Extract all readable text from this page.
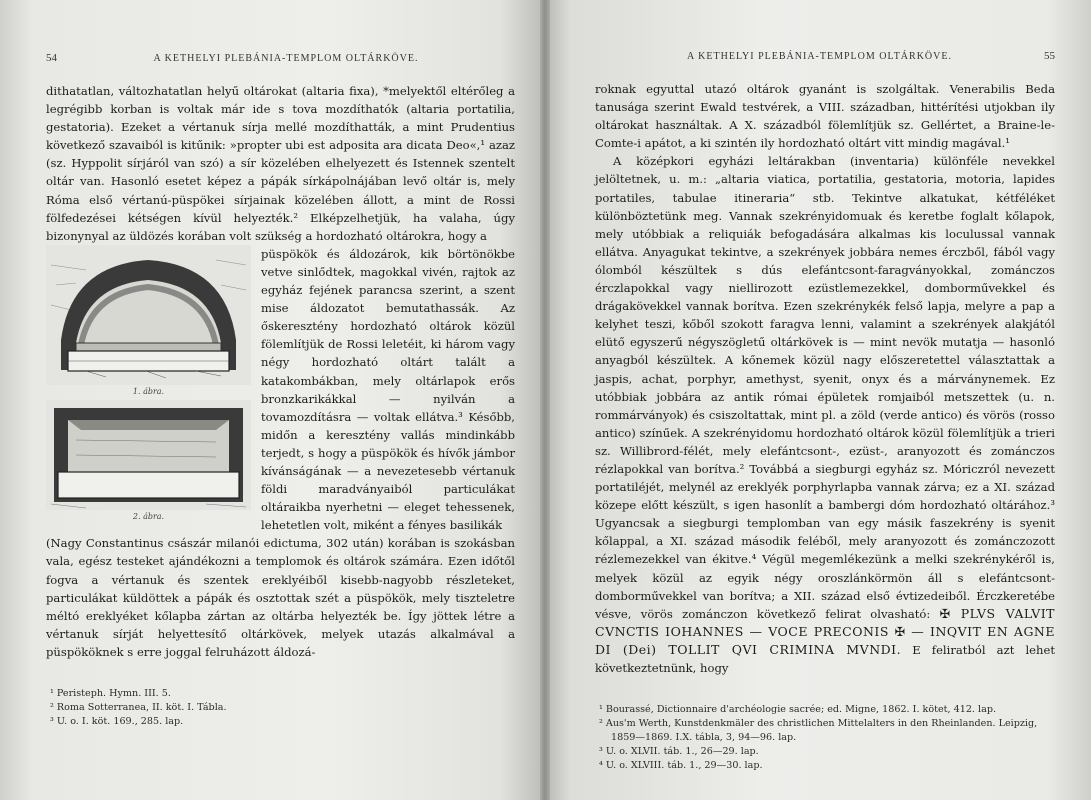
54	A KETHELYI PLEBÁNIA-TEMPLOM OLTÁRKÖVE.

dithatatlan, változhatatlan helyű oltárokat (altaria fixa), *melyektől eltérőleg a legrégibb korban is voltak már ide s tova mozdíthatók (altaria portatilia, gestatoria). Ezeket a vértanuk sírja mellé mozdíthatták, a mint Prudentius következő szavaiból is kitűnik: »propter ubi est adposita ara dicata Deo«,¹ azaz (sz. Hyppolit sírjáról van szó) a sír közelében elhelyezett és Istennek szentelt oltár van. Hasonló esetet képez a pápák sírkápolnájában levő oltár is, mely Róma első vértanú-püspökei sírjainak közelében állott, a mint de Rossi fölfedezései kétségen kívül helyezték.² Elképzelhetjük, ha valaha, úgy bizonynyal az üldözés korában volt szükség a hordozható oltárokra, hogy a

1. ábra.
2. ábra.

püspökök és áldozárok, kik börtönökbe vetve sinlődtek, magokkal vivén, rajtok az egyház fejének parancsa szerint, a szent mise áldozatot bemutathassák. Az őskeresztény hordozható oltárok közül fölemlítjük de Rossi leletéit, ki három vagy négy hordozható oltárt talált a katakombákban, mely oltárlapok erős bronzkarikákkal — nyilván a tovamozdításra — voltak ellátva.³ Később, midőn a keresztény vallás mindinkább terjedt, s hogy a püspökök és hívők jámbor kívánságának — a nevezetesebb vértanuk földi maradványaiból particulákat oltáraikba nyerhetni — eleget tehessenek, lehetetlen volt, miként a fényes basilikák

(Nagy Constantinus császár milanói edictuma, 302 után) korában is szokásban vala, egész testeket ajándékozni a templomok és oltárok számára. Ezen időtől fogva a vértanuk és szentek ereklyéiből kisebb-nagyobb részleteket, particulákat küldöttek a pápák és osztottak szét a püspökök, mely tiszteletre méltó ereklyéket kőlapba zártan az oltárba helyezték be. Így jöttek létre a vértanuk sírját helyettesítő oltárkövek, melyek utazás alkalmával a püspököknek s erre joggal felruházott áldozá-

¹ Peristeph. Hymn. III. 5.
² Roma Sotterranea, II. köt. I. Tábla.
³ U. o. I. köt. 169., 285. lap.
A KETHELYI PLEBÁNIA-TEMPLOM OLTÁRKÖVE.	55

roknak egyuttal utazó oltárok gyanánt is szolgáltak. Venerabilis Beda tanusága szerint Ewald testvérek, a VIII. században, hittérítési utjokban ily oltárokat használtak. A X. századból fölemlítjük sz. Gellértet, a Braine-le-Comte-i apátot, a ki szintén ily hordozható oltárt vitt mindig magával.¹

A középkori egyházi leltárakban (inventaria) különféle nevekkel jelöltetnek, u. m.: „altaria viatica, portatilia, gestatoria, motoria, lapides portatiles, tabulae itineraria“ stb. Tekintve alkatukat, kétféléket különböztetünk meg. Vannak szekrényidomuak és keretbe foglalt kőlapok, mely utóbbiak a reliquiák befogadására alkalmas kis loculussal vannak ellátva. Anyagukat tekintve, a szekrények jobbára nemes érczből, fából vagy ólomból készültek s dús elefántcsont-faragványokkal, zománczos érczlapokkal vagy niellirozott ezüstlemezekkel, domborművekkel és drágakövekkel vannak borítva. Ezen szekrénykék felső lapja, melyre a pap a kelyhet teszi, kőből szokott faragva lenni, valamint a szekrények alakjától elütő egyszerű négyszögletű oltárkövek is — mint nevök mutatja — hasonló anyagból készültek. A kőnemek közül nagy előszeretettel választattak a jaspis, achat, porphyr, amethyst, syenit, onyx és a márványnemek. Ez utóbbiak jobbára az antik római épületek romjaiból metszettek (u. n. rommárványok) és csiszoltattak, mint pl. a zöld (verde antico) és vörös (rosso antico) színűek. A szekrényidomu hordozható oltárok közül fölemlítjük a trieri sz. Willibrord-félét, mely elefántcsont-, ezüst-, aranyozott és zománczos rézlapokkal van borítva.² Továbbá a siegburgi egyház sz. Móriczról nevezett portatiléjét, melynél az ereklyék porphyrlapba vannak zárva; ez a XI. század közepe előtt készült, s igen hasonlít a bambergi dóm hordozható oltárához.³ Ugyancsak a siegburgi templomban van egy másik faszekrény is syenit kőlappal, a XI. század második feléből, mely aranyozott és zománczozott rézlemezekkel van ékitve.⁴ Végül megemlékezünk a melki szekrénykéről is, melyek közül az egyik négy oroszlánkörmön áll s elefántcsont-domborművekkel van borítva; a XII. század első évtizedeiből. Érczkeretébe vésve, vörös zománczon következő felirat olvasható: ✠ PLVS VALVIT CVNCTIS IOHANNES — VOCE PRECONIS ✠ — INQVIT EN AGNE DI (Dei) TOLLIT QVI CRIMINA MVNDI. E feliratból azt lehet következtetnünk, hogy

¹ Bourassé, Dictionnaire d'archéologie sacrée; ed. Migne, 1862. I. kötet, 412. lap.
² Aus'm Werth, Kunstdenkmäler des christlichen Mittelalters in den Rheinlanden. Leipzig, 1859—1869. I.X. tábla, 3, 94—96. lap.
³ U. o. XLVII. táb. 1., 26—29. lap.
⁴ U. o. XLVIII. táb. 1., 29—30. lap.
